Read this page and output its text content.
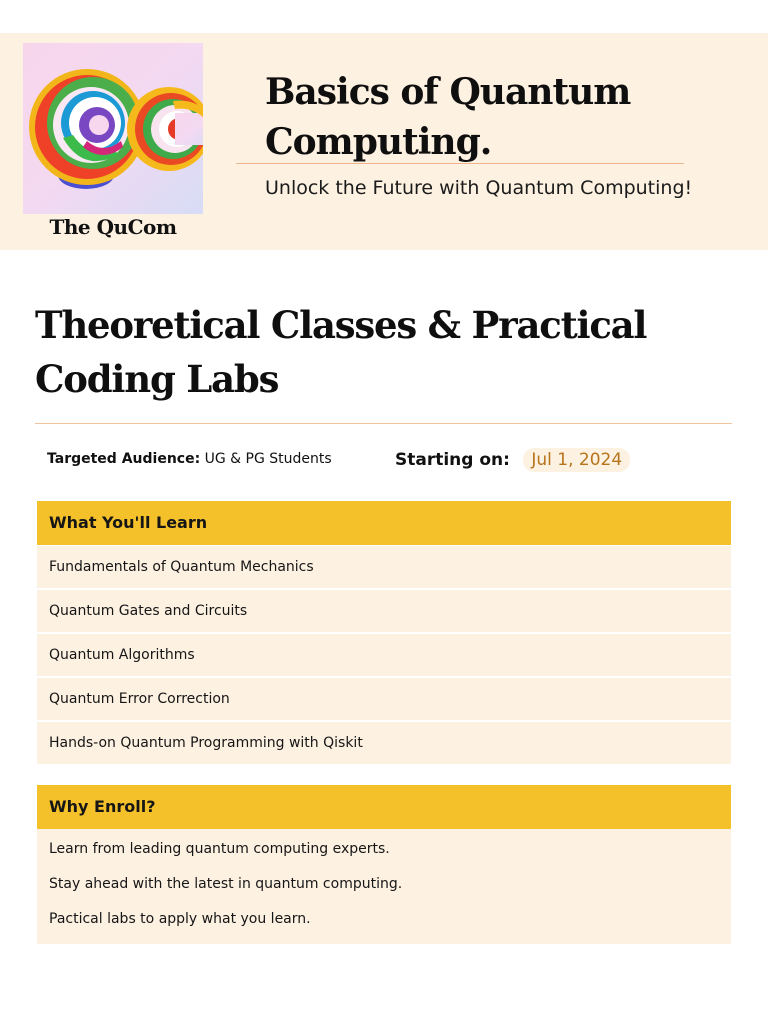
The QuCom
Basics of Quantum Computing.
Unlock the Future with Quantum Computing!
Theoretical Classes & Practical Coding Labs
Targeted Audience: UG & PG Students	Starting on: Jul 1, 2024
What You'll Learn
Fundamentals of Quantum Mechanics
Quantum Gates and Circuits
Quantum Algorithms
Quantum Error Correction
Hands-on Quantum Programming with Qiskit
Why Enroll?
Learn from leading quantum computing experts.
Stay ahead with the latest in quantum computing.
Pactical labs to apply what you learn.
